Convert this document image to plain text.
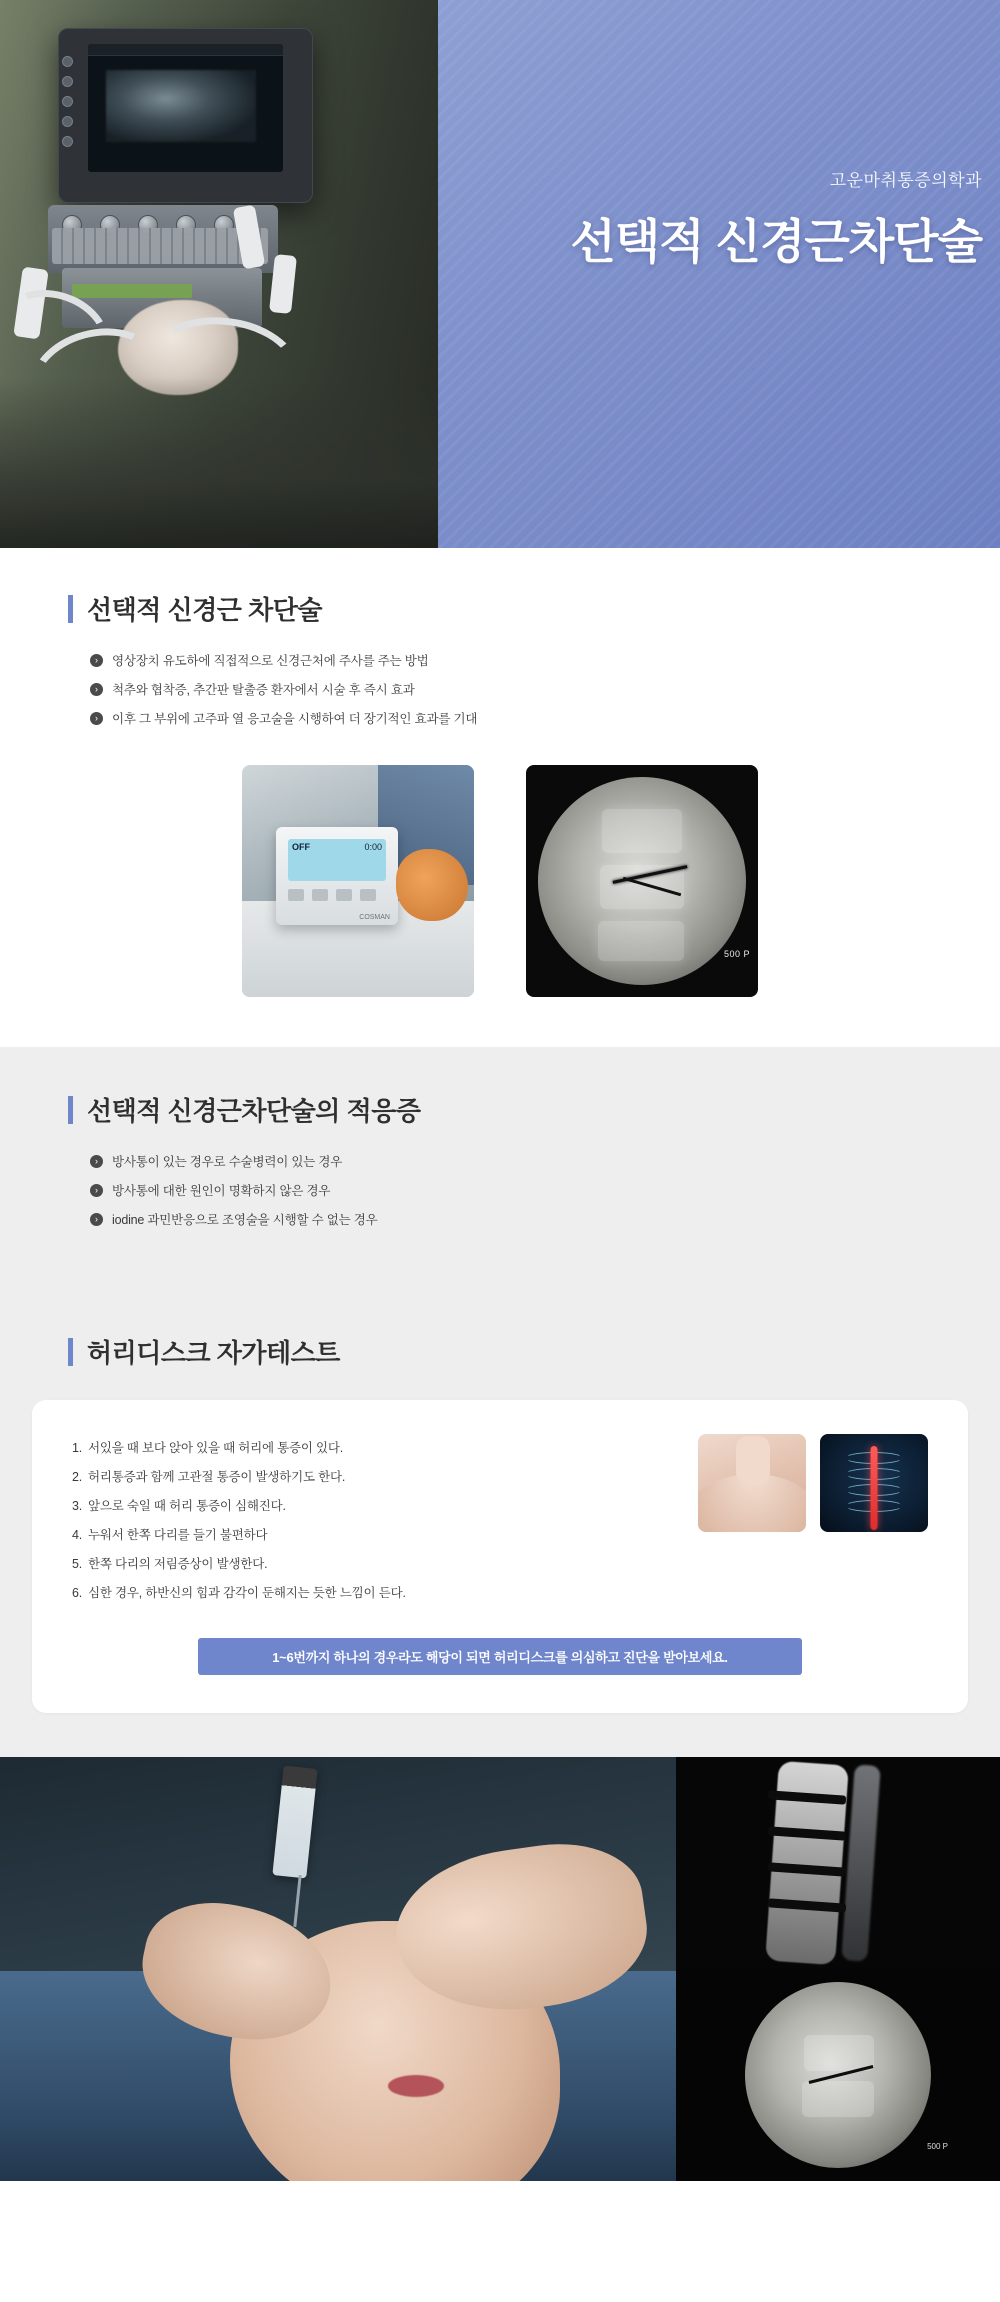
고운마취통증의학과
선택적 신경근차단술
선택적 신경근 차단술
›	영상장치 유도하에 직접적으로 신경근처에 주사를 주는 방법
›	척추와 협착증, 추간판 탈출증 환자에서 시술 후 즉시 효과
›	이후 그 부위에 고주파 열 응고술을 시행하여 더 장기적인 효과를 기대
OFF	0:00
COSMAN
500 P
선택적 신경근차단술의 적응증
›	방사통이 있는 경우로 수술병력이 있는 경우
›	방사통에 대한 원인이 명확하지 않은 경우
›	iodine 과민반응으로 조영술을 시행할 수 없는 경우
허리디스크 자가테스트
1. 서있을 때 보다 앉아 있을 때 허리에 통증이 있다.
2. 허리통증과 함께 고관절 통증이 발생하기도 한다.
3. 앞으로 숙일 때 허리 통증이 심해진다.
4. 누워서 한쪽 다리를 들기 불편하다
5. 한쪽 다리의 저림증상이 발생한다.
6. 심한 경우, 하반신의 힘과 감각이 둔해지는 듯한 느낌이 든다.
1~6번까지 하나의 경우라도 해당이 되면 허리디스크를 의심하고 진단을 받아보세요.
500 P
